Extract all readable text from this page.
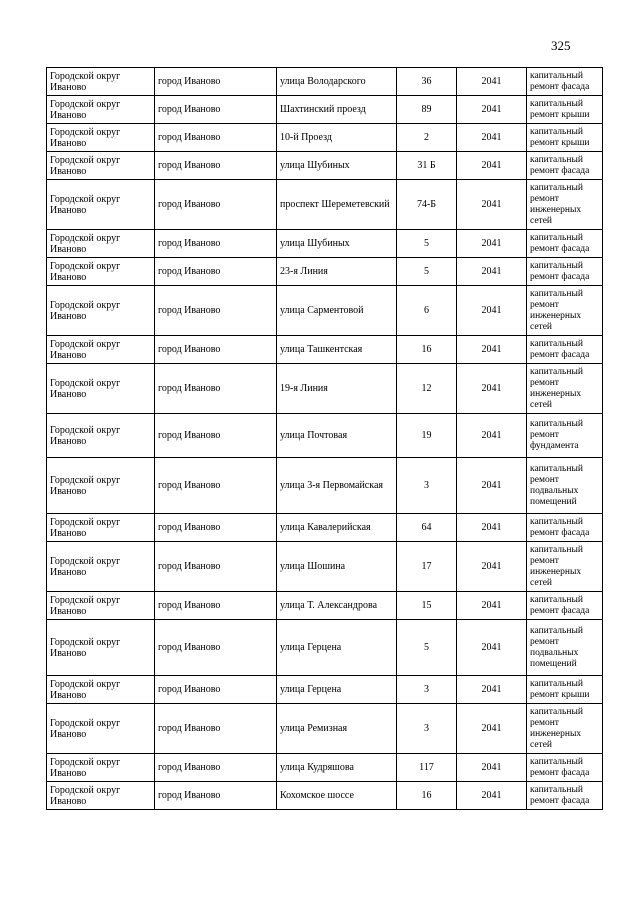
325
Городской округ Иваново	город Иваново	улица Володарского	36	2041	капитальный ремонт фасада
Городской округ Иваново	город Иваново	Шахтинский проезд	89	2041	капитальный ремонт крыши
Городской округ Иваново	город Иваново	10-й Проезд	2	2041	капитальный ремонт крыши
Городской округ Иваново	город Иваново	улица Шубиных	31 Б	2041	капитальный ремонт фасада
Городской округ Иваново	город Иваново	проспект Шереметевский	74-Б	2041	капитальный ремонт инженерных сетей
Городской округ Иваново	город Иваново	улица Шубиных	5	2041	капитальный ремонт фасада
Городской округ Иваново	город Иваново	23-я Линия	5	2041	капитальный ремонт фасада
Городской округ Иваново	город Иваново	улица Сарментовой	6	2041	капитальный ремонт инженерных сетей
Городской округ Иваново	город Иваново	улица Ташкентская	16	2041	капитальный ремонт фасада
Городской округ Иваново	город Иваново	19-я Линия	12	2041	капитальный ремонт инженерных сетей
Городской округ Иваново	город Иваново	улица Почтовая	19	2041	капитальный ремонт фундамента
Городской округ Иваново	город Иваново	улица 3-я Первомайская	3	2041	капитальный ремонт подвальных помещений
Городской округ Иваново	город Иваново	улица Кавалерийская	64	2041	капитальный ремонт фасада
Городской округ Иваново	город Иваново	улица Шошина	17	2041	капитальный ремонт инженерных сетей
Городской округ Иваново	город Иваново	улица Т. Александрова	15	2041	капитальный ремонт фасада
Городской округ Иваново	город Иваново	улица Герцена	5	2041	капитальный ремонт подвальных помещений
Городской округ Иваново	город Иваново	улица Герцена	3	2041	капитальный ремонт крыши
Городской округ Иваново	город Иваново	улица Ремизная	3	2041	капитальный ремонт инженерных сетей
Городской округ Иваново	город Иваново	улица Кудряшова	117	2041	капитальный ремонт фасада
Городской округ Иваново	город Иваново	Кохомское шоссе	16	2041	капитальный ремонт фасада
